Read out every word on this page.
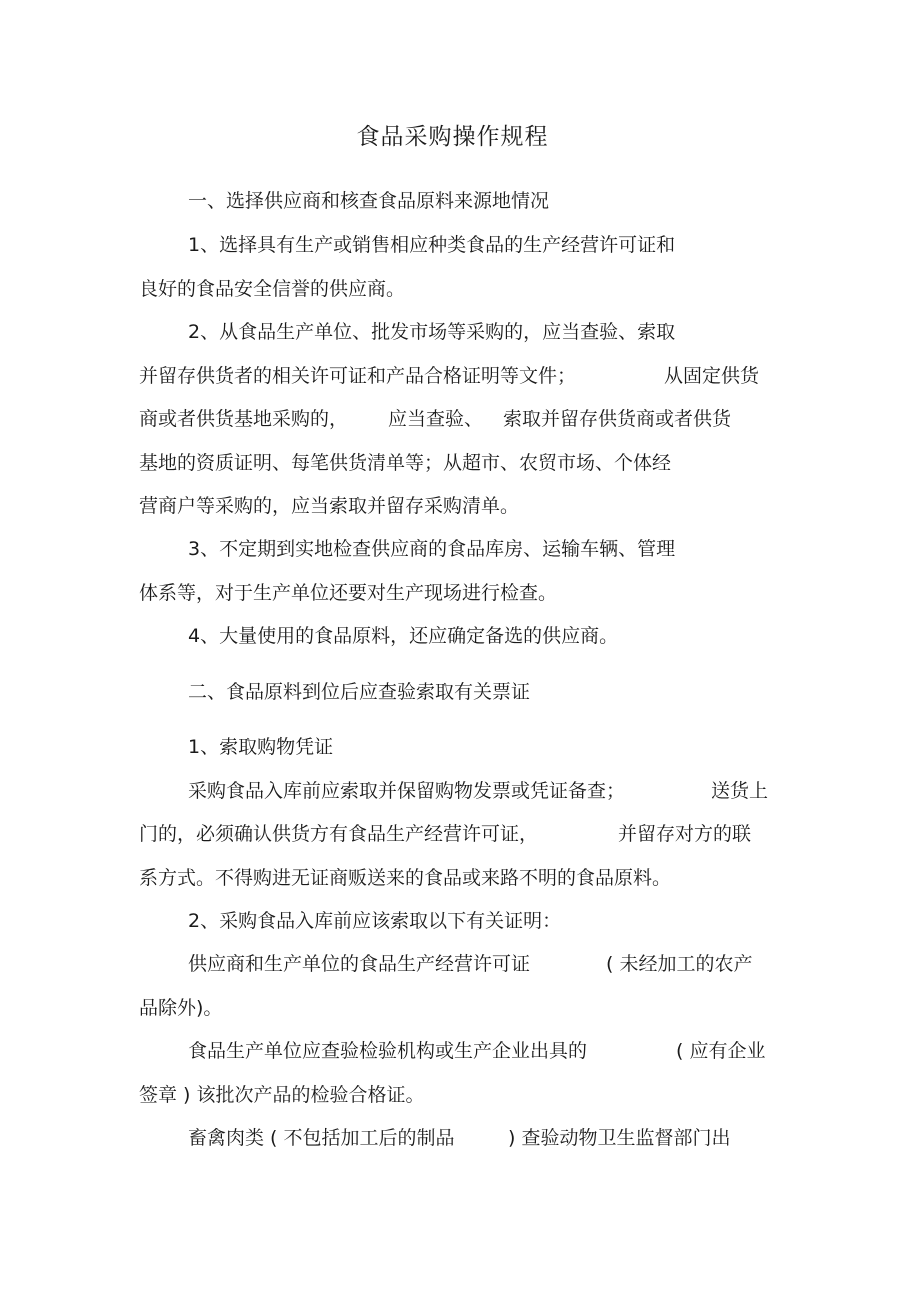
食品采购操作规程
一、选择供应商和核查食品原料来源地情况
1、选择具有生产或销售相应种类食品的生产经营许可证和
良好的食品安全信誉的供应商。
2、从食品生产单位、批发市场等采购的，应当查验、索取
并留存供货者的相关许可证和产品合格证明等文件；	从固定供货
商或者供货基地采购的， 应当查验、 索取并留存供货商或者供货
基地的资质证明、每笔供货清单等；从超市、农贸市场、个体经
营商户等采购的，应当索取并留存采购清单。
3、不定期到实地检查供应商的食品库房、运输车辆、管理
体系等，对于生产单位还要对生产现场进行检查。
4、大量使用的食品原料，还应确定备选的供应商。
二、食品原料到位后应查验索取有关票证
1、索取购物凭证
采购食品入库前应索取并保留购物发票或凭证备查；	送货上
门的，必须确认供货方有食品生产经营许可证，	并留存对方的联
系方式。不得购进无证商贩送来的食品或来路不明的食品原料。
2、采购食品入库前应该索取以下有关证明：
供应商和生产单位的食品生产经营许可证	( 未经加工的农产
品除外)。
食品生产单位应查验检验机构或生产企业出具的	( 应有企业
签章 ) 该批次产品的检验合格证。
畜禽肉类 ( 不包括加工后的制品	) 查验动物卫生监督部门出
